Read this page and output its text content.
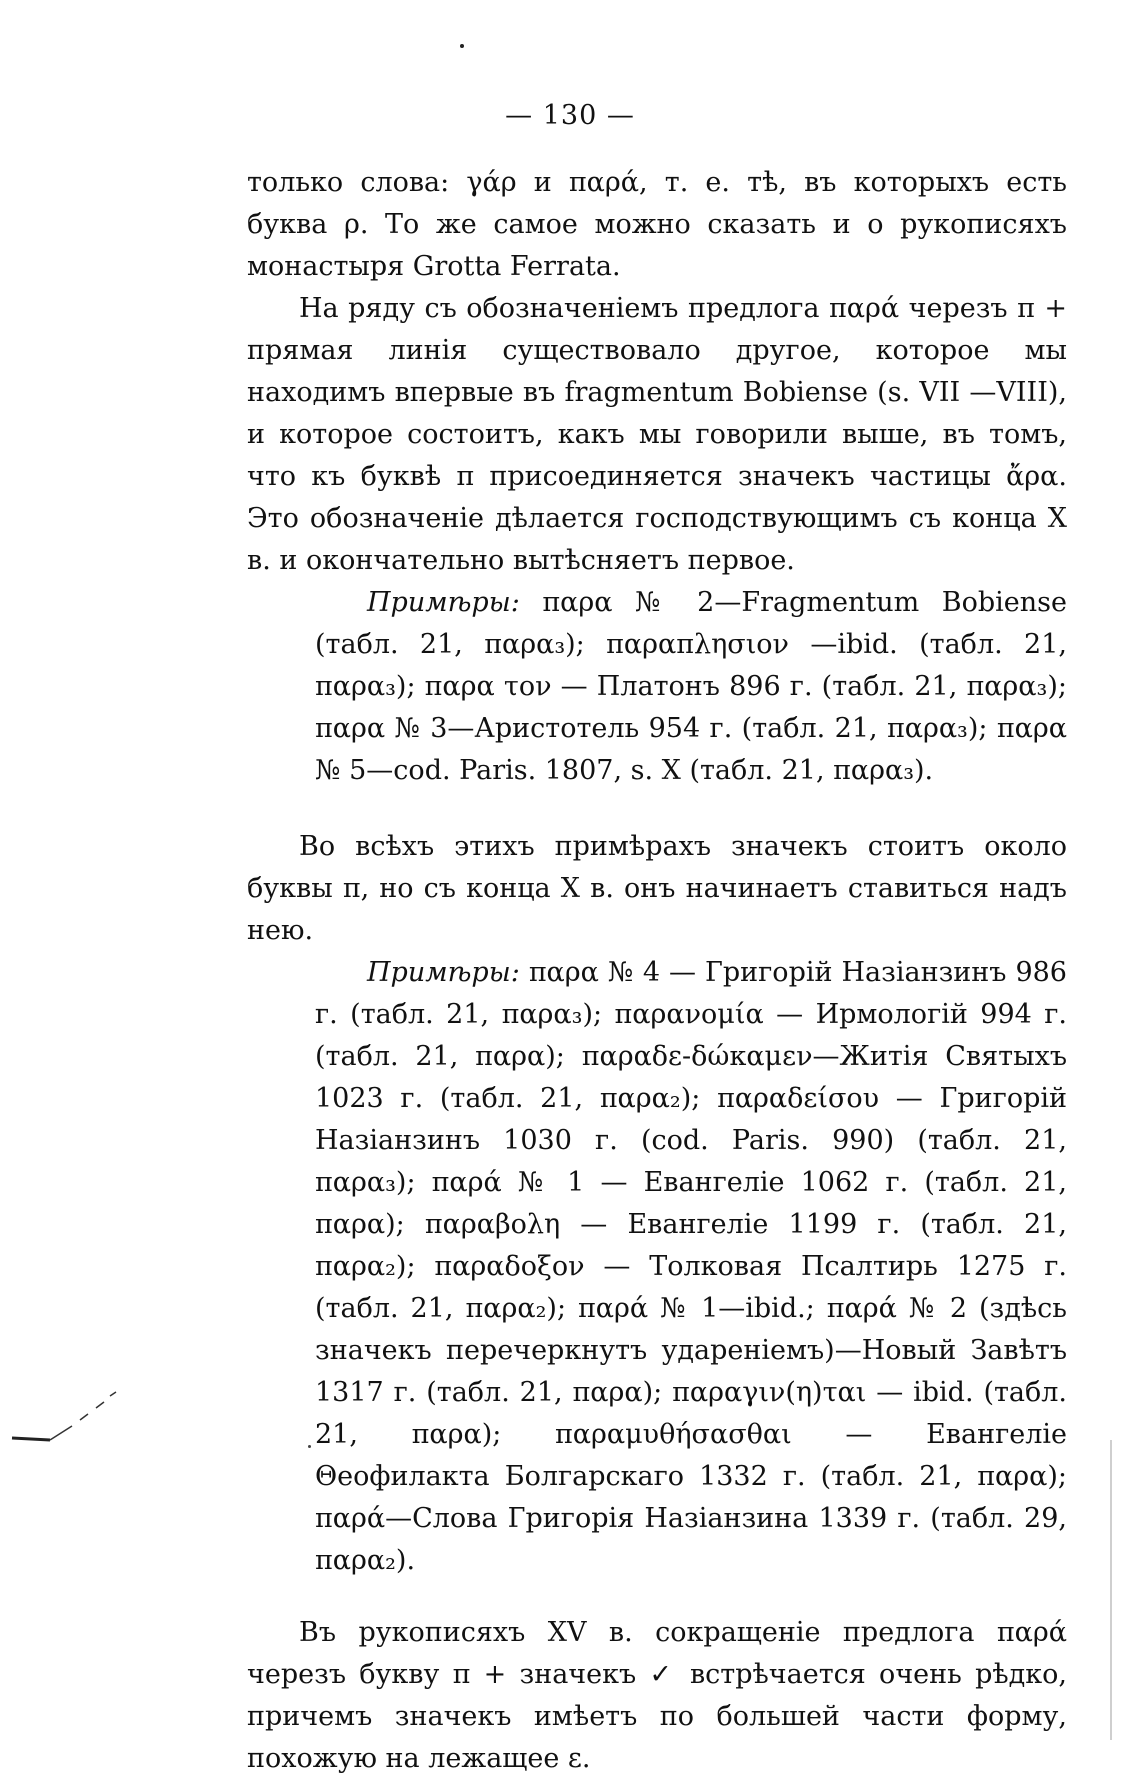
— 130 —

только слова: γάρ и παρά, т. е. тѣ, въ которыхъ есть буква ρ. То же самое можно сказать и о рукописяхъ монастыря Grotta Ferrata.

На ряду съ обозначеніемъ предлога παρά черезъ π + прямая линія существовало другое, которое мы находимъ впервые въ fragmentum Bobiense (s. VII —VIII), и которое состоитъ, какъ мы говорили выше, въ томъ, что къ буквѣ π присоединяется значекъ частицы ἄρα. Это обозначеніе дѣлается господствующимъ съ конца X в. и окончательно вытѣсняетъ первое.

Примѣры: παρα № 2—Fragmentum Bobiense (табл. 21, παρα₃); παραπλησιον —ibid. (табл. 21, παρα₃); παρα τον — Платонъ 896 г. (табл. 21, παρα₃); παρα № 3—Аристотель 954 г. (табл. 21, παρα₃); παρα № 5—cod. Paris. 1807, s. X (табл. 21, παρα₃).

Во всѣхъ этихъ примѣрахъ значекъ стоитъ около буквы π, но съ конца X в. онъ начинаетъ ставиться надъ нею.

Примѣры: παρα № 4 — Григорій Назіанзинъ 986 г. (табл. 21, παρα₃); παρανομία — Ирмологій 994 г. (табл. 21, παρα); παραδε-δώκαμεν—Житія Святыхъ 1023 г. (табл. 21, παρα₂); παραδείσου — Григорій Назіанзинъ 1030 г. (cod. Paris. 990) (табл. 21, παρα₃); παρά № 1 — Евангеліе 1062 г. (табл. 21, παρα); παραβολη — Евангеліе 1199 г. (табл. 21, παρα₂); παραδοξον — Толковая Псалтирь 1275 г. (табл. 21, παρα₂); παρά № 1—ibid.; παρά № 2 (здѣсь значекъ перечеркнутъ удареніемъ)—Новый Завѣтъ 1317 г. (табл. 21, παρα); παραγιν(η)ται — ibid. (табл. 21, παρα); παραμυθήσασθαι — Евангеліе Θеофилакта Болгарскаго 1332 г. (табл. 21, παρα); παρά—Слова Григорія Назіанзина 1339 г. (табл. 29, παρα₂).

Въ рукописяхъ XV в. сокращеніе предлога παρά черезъ букву π + значекъ ✓ встрѣчается очень рѣдко, причемъ значекъ имѣетъ по большей части форму, похожую на лежащее ε.
